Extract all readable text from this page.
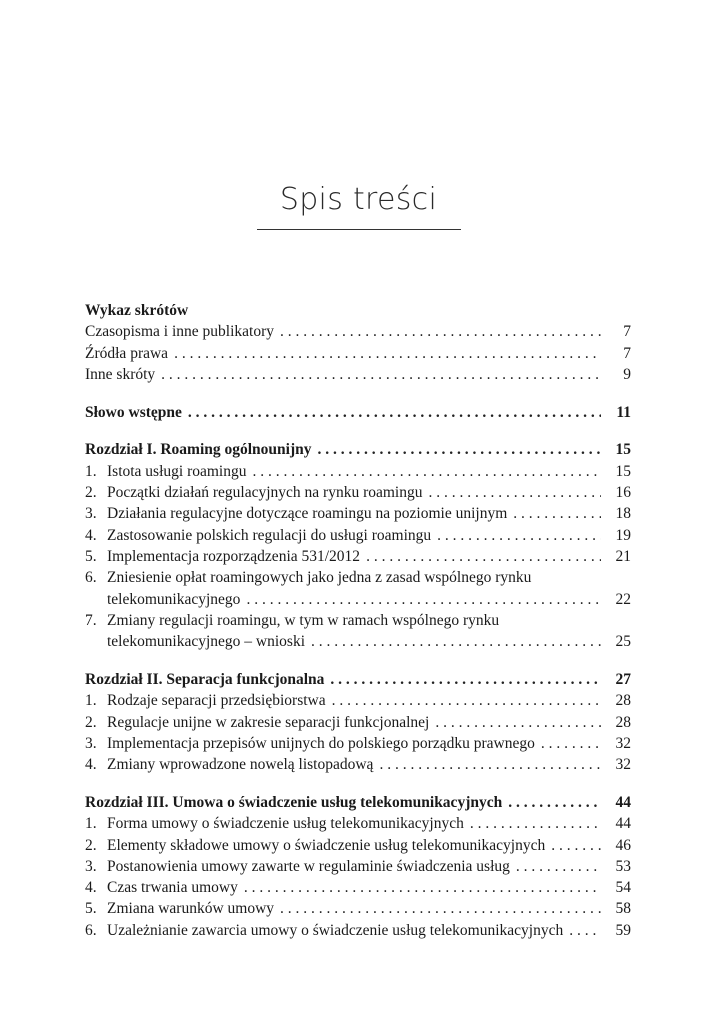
Spis treści
Wykaz skrótów
Czasopisma i inne publikatory . . .	7
Źródła prawa . . .	7
Inne skróty . . .	9
Słowo wstępne . . .	11
Rozdział I. Roaming ogólnounijny . . .	15
1. Istota usługi roamingu . . .	15
2. Początki działań regulacyjnych na rynku roamingu . . .	16
3. Działania regulacyjne dotyczące roamingu na poziomie unijnym . . .	18
4. Zastosowanie polskich regulacji do usługi roamingu . . .	19
5. Implementacja rozporządzenia 531/2012 . . .	21
6. Zniesienie opłat roamingowych jako jedna z zasad wspólnego rynku
telekomunikacyjnego . . .	22
7. Zmiany regulacji roamingu, w tym w ramach wspólnego rynku
telekomunikacyjnego – wnioski . . .	25
Rozdział II. Separacja funkcjonalna . . .	27
1. Rodzaje separacji przedsiębiorstwa . . .	28
2. Regulacje unijne w zakresie separacji funkcjonalnej . . .	28
3. Implementacja przepisów unijnych do polskiego porządku prawnego . . .	32
4. Zmiany wprowadzone nowelą listopadową . . .	32
Rozdział III. Umowa o świadczenie usług telekomunikacyjnych . . .	44
1. Forma umowy o świadczenie usług telekomunikacyjnych . . .	44
2. Elementy składowe umowy o świadczenie usług telekomunikacyjnych . . .	46
3. Postanowienia umowy zawarte w regulaminie świadczenia usług . . .	53
4. Czas trwania umowy . . .	54
5. Zmiana warunków umowy . . .	58
6. Uzależnianie zawarcia umowy o świadczenie usług telekomunikacyjnych . . .	59
